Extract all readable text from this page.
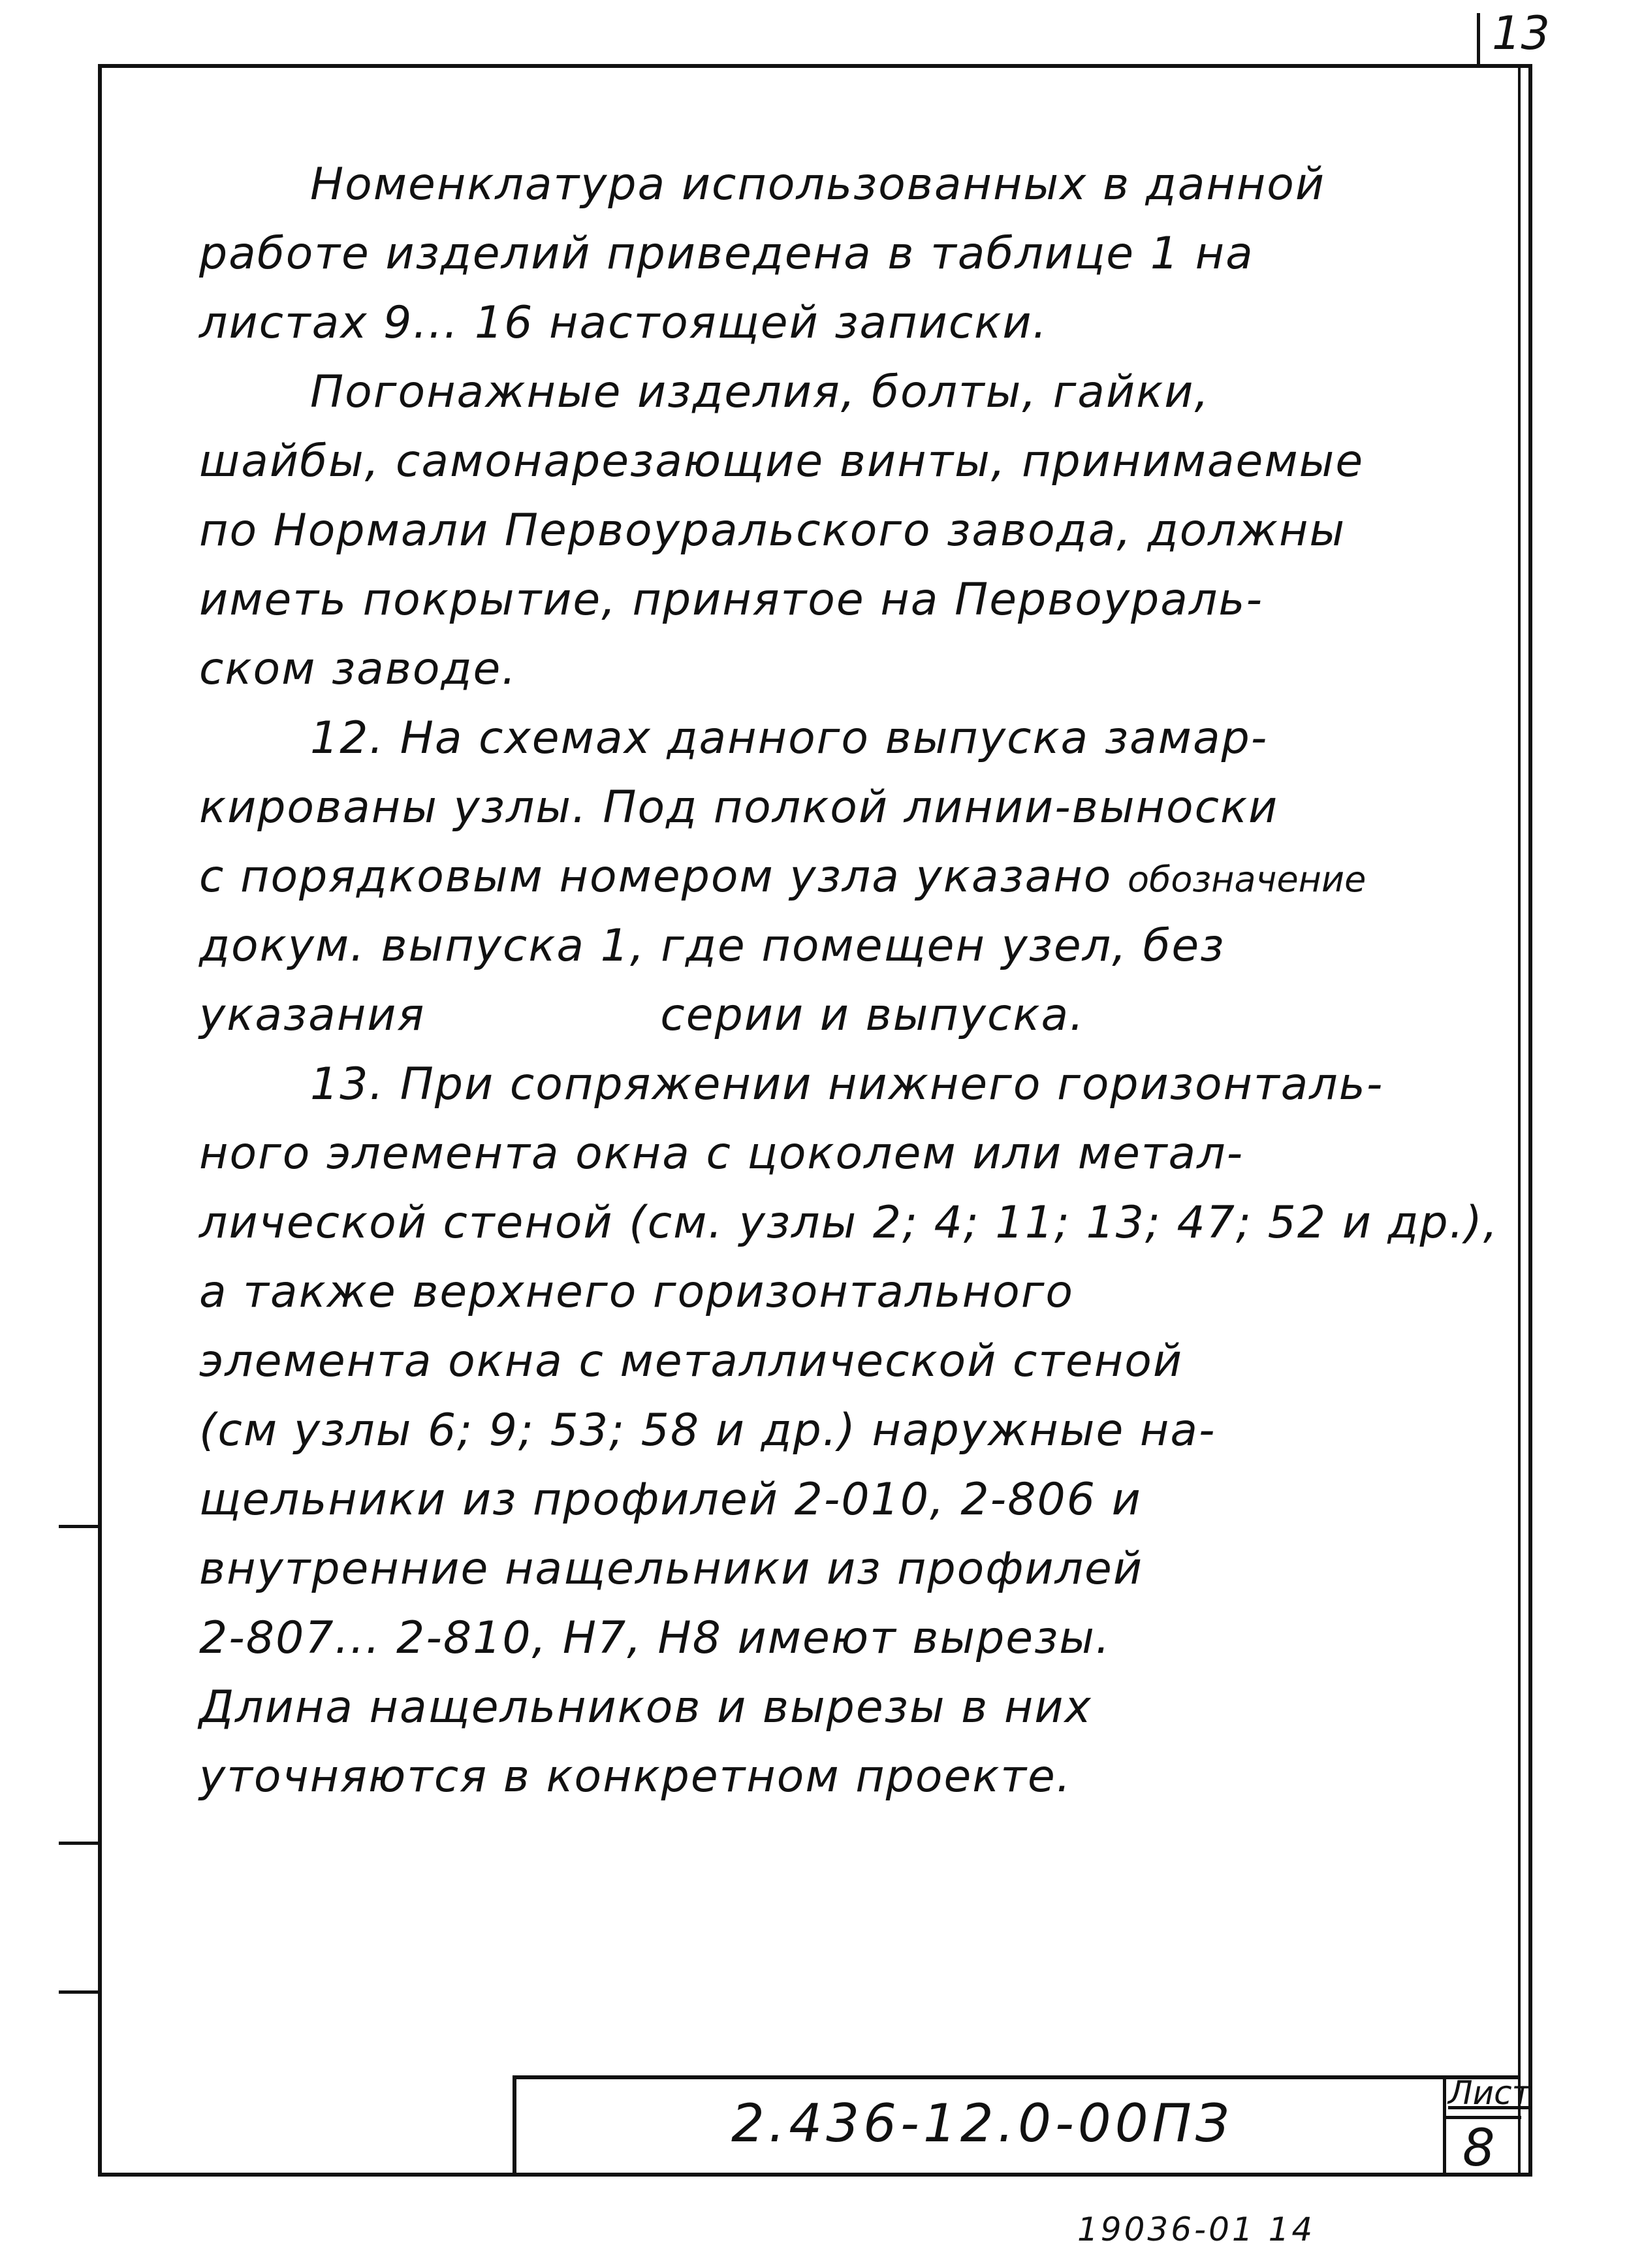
13
Номенклатура использованных в данной
работе изделий приведена в таблице 1 на
листах 9... 16 настоящей записки.
Погонажные изделия, болты, гайки,
шайбы, самонарезающие винты, принимаемые
по Нормали Первоуральского завода, должны
иметь покрытие, принятое на Первоураль-
ском заводе.
12. На схемах данного выпуска замар-
кированы узлы. Под полкой линии-выноски
с порядковым номером узла указано обозначение
докум. выпуска 1, где помещен узел, без
указания	серии и выпуска.
13. При сопряжении нижнего горизонталь-
ного элемента окна с цоколем или метал-
лической стеной (см. узлы 2; 4; 11; 13; 47; 52 и др.),
а также верхнего горизонтального
элемента окна с металлической стеной
(см узлы 6; 9; 53; 58 и др.) наружные на-
щельники из профилей 2-010, 2-806 и
внутренние нащельники из профилей
2-807... 2-810, Н7, Н8 имеют вырезы.
Длина нащельников и вырезы в них
уточняются в конкретном проекте.
2.436-12.0-00ПЗ	Лист
8
19036-01 14
